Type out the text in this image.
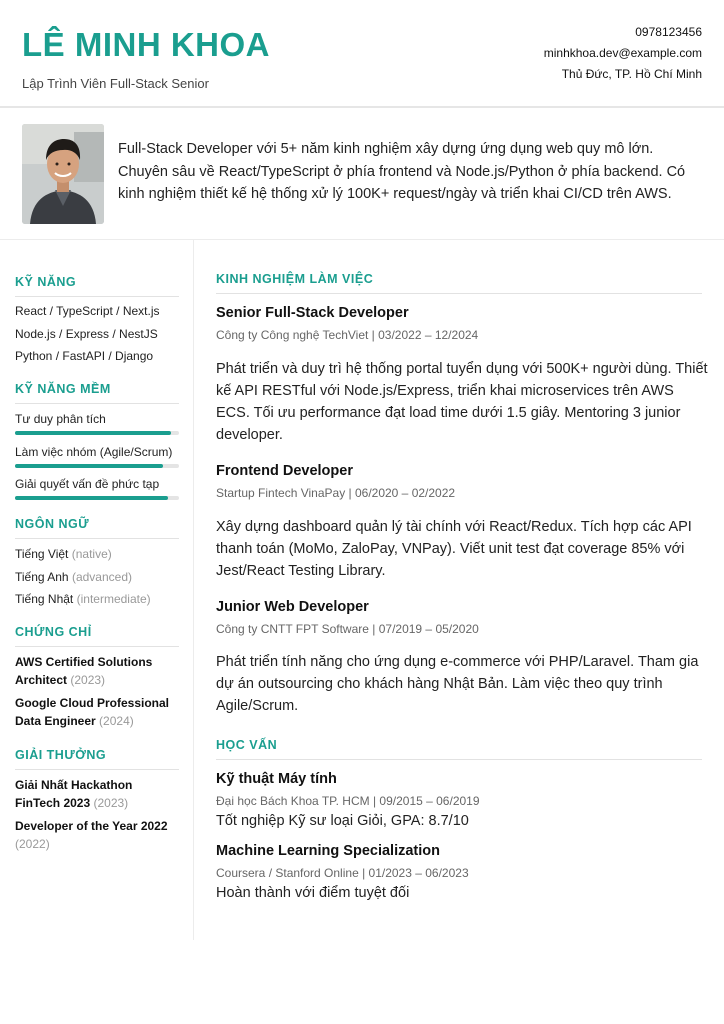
LÊ MINH KHOA
Lập Trình Viên Full-Stack Senior
0978123456
minhkhoa.dev@example.com
Thủ Đức, TP. Hồ Chí Minh
Full-Stack Developer với 5+ năm kinh nghiệm xây dựng ứng dụng web quy mô lớn. Chuyên sâu về React/TypeScript ở phía frontend và Node.js/Python ở phía backend. Có kinh nghiệm thiết kế hệ thống xử lý 100K+ request/ngày và triển khai CI/CD trên AWS.
KỸ NĂNG
React / TypeScript / Next.js
Node.js / Express / NestJS
Python / FastAPI / Django
KỸ NĂNG MỀM
Tư duy phân tích
Làm việc nhóm (Agile/Scrum)
Giải quyết vấn đề phức tạp
NGÔN NGỮ
Tiếng Việt (native)
Tiếng Anh (advanced)
Tiếng Nhật (intermediate)
CHỨNG CHỈ
AWS Certified Solutions
Architect (2023)
Google Cloud Professional
Data Engineer (2024)
GIẢI THƯỞNG
Giải Nhất Hackathon
FinTech 2023 (2023)
Developer of the Year 2022
(2022)
KINH NGHIỆM LÀM VIỆC
Senior Full-Stack Developer
Công ty Công nghệ TechViet | 03/2022 – 12/2024
Phát triển và duy trì hệ thống portal tuyển dụng với 500K+ người dùng. Thiết kế API RESTful với Node.js/Express, triển khai microservices trên AWS ECS. Tối ưu performance đạt load time dưới 1.5 giây. Mentoring 3 junior developer.
Frontend Developer
Startup Fintech VinaPay | 06/2020 – 02/2022
Xây dựng dashboard quản lý tài chính với React/Redux. Tích hợp các API thanh toán (MoMo, ZaloPay, VNPay). Viết unit test đạt coverage 85% với Jest/React Testing Library.
Junior Web Developer
Công ty CNTT FPT Software | 07/2019 – 05/2020
Phát triển tính năng cho ứng dụng e-commerce với PHP/Laravel. Tham gia dự án outsourcing cho khách hàng Nhật Bản. Làm việc theo quy trình Agile/Scrum.
HỌC VẤN
Kỹ thuật Máy tính
Đại học Bách Khoa TP. HCM | 09/2015 – 06/2019
Tốt nghiệp Kỹ sư loại Giỏi, GPA: 8.7/10
Machine Learning Specialization
Coursera / Stanford Online | 01/2023 – 06/2023
Hoàn thành với điểm tuyệt đối
